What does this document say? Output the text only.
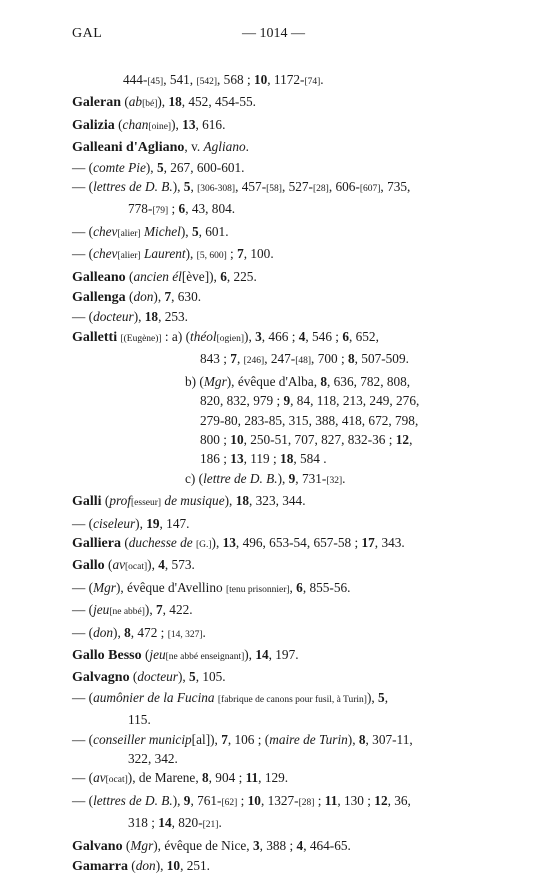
GAL	— 1014 —
444-[45], 541, [542], 568 ; 10, 1172-[74].
Galeran (ab[bé]), 18, 452, 454-55.
Galizia (chan[oine]), 13, 616.
Galleani d'Agliano, v. Agliano.
— (comte Pie), 5, 267, 600-601.
— (lettres de D. B.), 5, [306-308], 457-[58], 527-[28], 606-[607], 735,
778-[79] ; 6, 43, 804.
— (chev[alier] Michel), 5, 601.
— (chev[alier] Laurent), [5, 600] ; 7, 100.
Galleano (ancien él[ève]), 6, 225.
Gallenga (don), 7, 630.
— (docteur), 18, 253.
Galletti [(Eugène)] : a) (théol[ogien]), 3, 466 ; 4, 546 ; 6, 652,
843 ; 7, [246], 247-[48], 700 ; 8, 507-509.
b) (Mgr), évêque d'Alba, 8, 636, 782, 808,
820, 832, 979 ; 9, 84, 118, 213, 249, 276,
279-80, 283-85, 315, 388, 418, 672, 798,
800 ; 10, 250-51, 707, 827, 832-36 ; 12,
186 ; 13, 119 ; 18, 584 .
c) (lettre de D. B.), 9, 731-[32].
Galli (prof[esseur] de musique), 18, 323, 344.
— (ciseleur), 19, 147.
Galliera (duchesse de [G.]), 13, 496, 653-54, 657-58 ; 17, 343.
Gallo (av[ocat]), 4, 573.
— (Mgr), évêque d'Avellino [tenu prisonnier], 6, 855-56.
— (jeu[ne abbé]), 7, 422.
— (don), 8, 472 ; [14, 327].
Gallo Besso (jeu[ne abbé enseignant]), 14, 197.
Galvagno (docteur), 5, 105.
— (aumônier de la Fucina [fabrique de canons pour fusil, à Turin]), 5,
115.
— (conseiller municip[al]), 7, 106 ; (maire de Turin), 8, 307-11,
322, 342.
— (av[ocat]), de Marene, 8, 904 ; 11, 129.
— (lettres de D. B.), 9, 761-[62] ; 10, 1327-[28] ; 11, 130 ; 12, 36,
318 ; 14, 820-[21].
Galvano (Mgr), évêque de Nice, 3, 388 ; 4, 464-65.
Gamarra (don), 10, 251.
